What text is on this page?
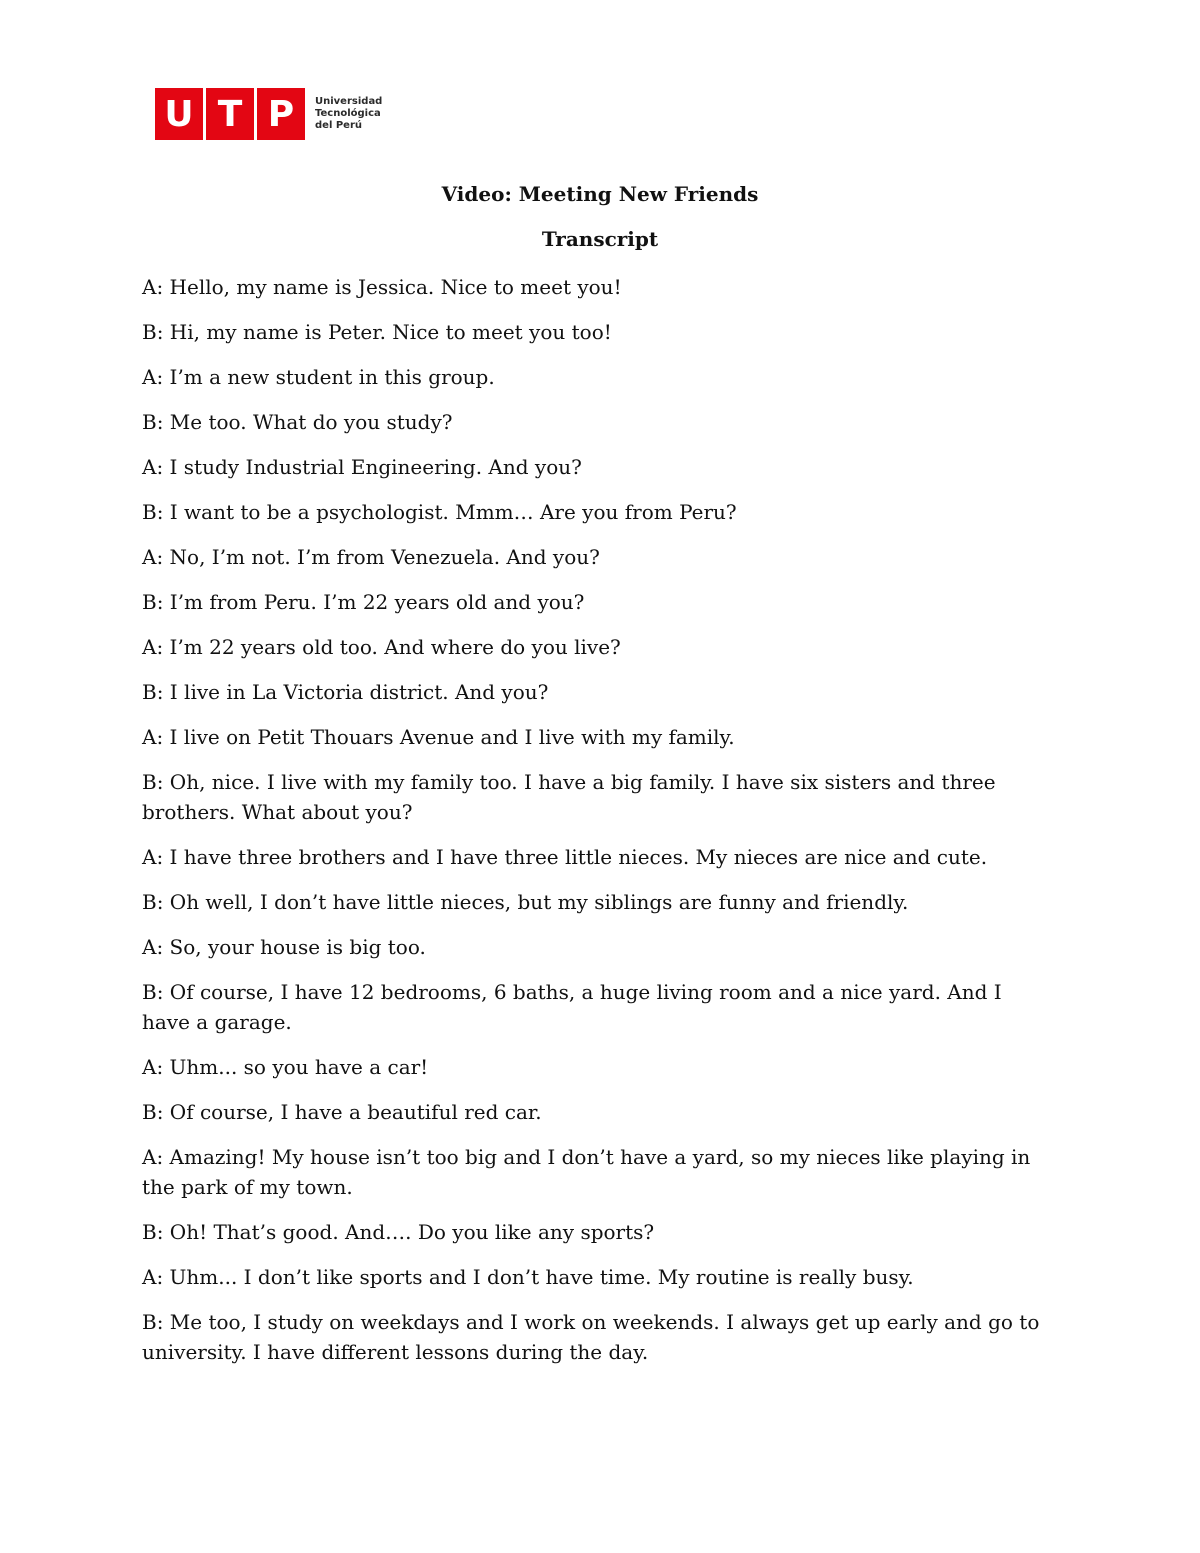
U T P	Universidad
Tecnológica
del Perú
Video: Meeting New Friends
Transcript
A: Hello, my name is Jessica. Nice to meet you!
B: Hi, my name is Peter. Nice to meet you too!
A: I’m a new student in this group.
B: Me too. What do you study?
A: I study Industrial Engineering. And you?
B: I want to be a psychologist. Mmm… Are you from Peru?
A: No, I’m not. I’m from Venezuela. And you?
B: I’m from Peru. I’m 22 years old and you?
A: I’m 22 years old too. And where do you live?
B: I live in La Victoria district. And you?
A: I live on Petit Thouars Avenue and I live with my family.
B: Oh, nice. I live with my family too. I have a big family. I have six sisters and three brothers. What about you?
A: I have three brothers and I have three little nieces. My nieces are nice and cute.
B: Oh well, I don’t have little nieces, but my siblings are funny and friendly.
A: So, your house is big too.
B: Of course, I have 12 bedrooms, 6 baths, a huge living room and a nice yard. And I have a garage.
A: Uhm... so you have a car!
B: Of course, I have a beautiful red car.
A: Amazing! My house isn’t too big and I don’t have a yard, so my nieces like playing in the park of my town.
B: Oh! That’s good. And…. Do you like any sports?
A: Uhm... I don’t like sports and I don’t have time. My routine is really busy.
B: Me too, I study on weekdays and I work on weekends. I always get up early and go to university. I have different lessons during the day.
